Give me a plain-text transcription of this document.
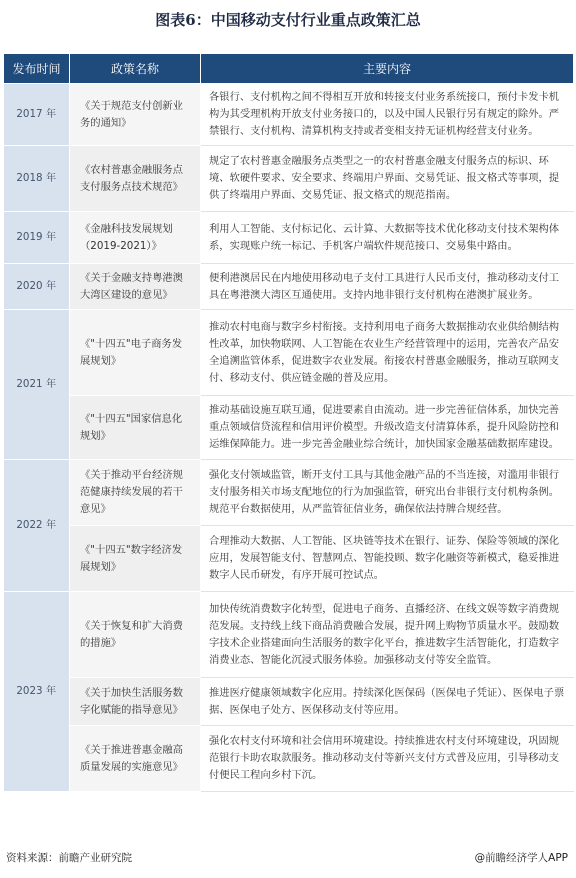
图表6：中国移动支付行业重点政策汇总
发布时间	政策名称	主要内容
2017 年	《关于规范支付创新业务的通知》	各银行、支付机构之间不得相互开放和转接支付业务系统接口，预付卡发卡机构为其受理机构开放支付业务接口的，以及中国人民银行另有规定的除外。严禁银行、支付机构、清算机构支持或者变相支持无证机构经营支付业务。
2018 年	《农村普惠金融服务点支付服务点技术规范》	规定了农村普惠金融服务点类型之一的农村普惠金融支付服务点的标识、环境、软硬件要求、安全要求、终端用户界面、交易凭证、报文格式等事项，提供了终端用户界面、交易凭证、报文格式的规范指南。
2019 年	《金融科技发展规划（2019-2021）》	利用人工智能、支付标记化、云计算、大数据等技术优化移动支付技术架构体系，实现账户统一标记、手机客户端软件规范接口、交易集中路由。
2020 年	《关于金融支持粤港澳大湾区建设的意见》	便利港澳居民在内地使用移动电子支付工具进行人民币支付，推动移动支付工具在粤港澳大湾区互通使用。支持内地非银行支付机构在港澳扩展业务。
2021 年	《"十四五"电子商务发展规划》	推动农村电商与数字乡村衔接。支持利用电子商务大数据推动农业供给侧结构性改革，加快物联网、人工智能在农业生产经营管理中的运用，完善农产品安全追溯监管体系，促进数字农业发展。衔接农村普惠金融服务，推动互联网支付、移动支付、供应链金融的普及应用。
	《"十四五"国家信息化规划》	推动基础设施互联互通，促进要素自由流动。进一步完善征信体系，加快完善重点领域信贷流程和信用评价模型。升级改造支付清算体系，提升风险防控和运维保障能力。进一步完善金融业综合统计，加快国家金融基础数据库建设。
2022 年	《关于推动平台经济规范健康持续发展的若干意见》	强化支付领域监管，断开支付工具与其他金融产品的不当连接，对滥用非银行支付服务相关市场支配地位的行为加强监管，研究出台非银行支付机构条例。规范平台数据使用，从严监管征信业务，确保依法持牌合规经营。
	《"十四五"数字经济发展规划》	合理推动大数据、人工智能、区块链等技术在银行、证券、保险等领域的深化应用，发展智能支付、智慧网点、智能投顾、数字化融资等新模式，稳妥推进数字人民币研发，有序开展可控试点。
2023 年	《关于恢复和扩大消费的措施》	加快传统消费数字化转型，促进电子商务、直播经济、在线文娱等数字消费规范发展。支持线上线下商品消费融合发展，提升网上购物节质量水平。鼓励数字技术企业搭建面向生活服务的数字化平台，推进数字生活智能化，打造数字消费业态、智能化沉浸式服务体验。加强移动支付等安全监管。
	《关于加快生活服务数字化赋能的指导意见》	推进医疗健康领域数字化应用。持续深化医保码（医保电子凭证）、医保电子票据、医保电子处方、医保移动支付等应用。
	《关于推进普惠金融高质量发展的实施意见》	强化农村支付环境和社会信用环境建设。持续推进农村支付环境建设，巩固规范银行卡助农取款服务。推动移动支付等新兴支付方式普及应用，引导移动支付便民工程向乡村下沉。
资料来源：前瞻产业研究院	@前瞻经济学人APP
